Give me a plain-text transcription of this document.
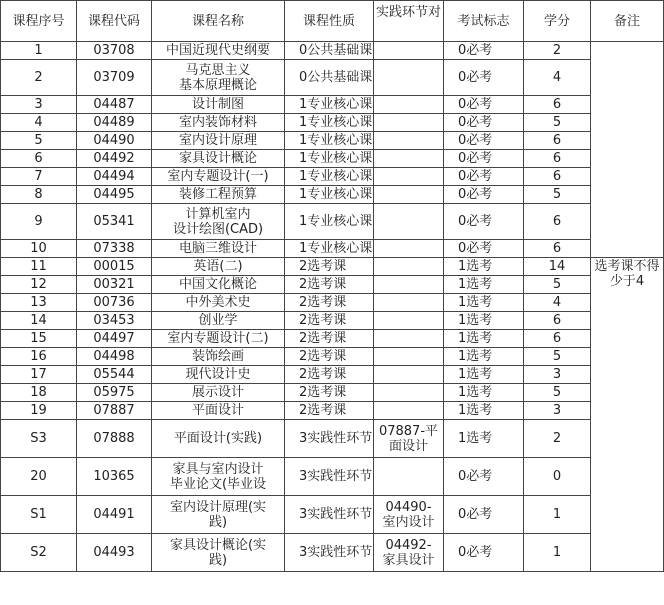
课程序号	课程代码	课程名称	课程性质	实践环节对	考试标志	学分	备注
1	03708	中国近现代史纲要	0公共基础课		0必考	2	
2	03709	马克思主义
基本原理概论	0公共基础课		0必考	4	
3	04487	设计制图	1专业核心课		0必考	6	
4	04489	室内装饰材料	1专业核心课		0必考	5	
5	04490	室内设计原理	1专业核心课		0必考	6	
6	04492	家具设计概论	1专业核心课		0必考	6	
7	04494	室内专题设计(一)	1专业核心课		0必考	6	
8	04495	装修工程预算	1专业核心课		0必考	5	
9	05341	计算机室内
设计绘图(CAD)	1专业核心课		0必考	6	
10	07338	电脑三维设计	1专业核心课		0必考	6	
11	00015	英语(二)	2选考课		1选考	14	选考课不得少于4
12	00321	中国文化概论	2选考课		1选考	5	
13	00736	中外美术史	2选考课		1选考	4	
14	03453	创业学	2选考课		1选考	6	
15	04497	室内专题设计(二)	2选考课		1选考	6	
16	04498	装饰绘画	2选考课		1选考	5	
17	05544	现代设计史	2选考课		1选考	3	
18	05975	展示设计	2选考课		1选考	5	
19	07887	平面设计	2选考课		1选考	3	
S3	07888	平面设计(实践)	3实践性环节	07887-平
面设计	1选考	2	
20	10365	家具与室内设计
毕业论文(毕业设	3实践性环节		0必考	0	
S1	04491	室内设计原理(实
践)	3实践性环节	04490-
室内设计	0必考	1	
S2	04493	家具设计概论(实
践)	3实践性环节	04492-
家具设计	0必考	1	
